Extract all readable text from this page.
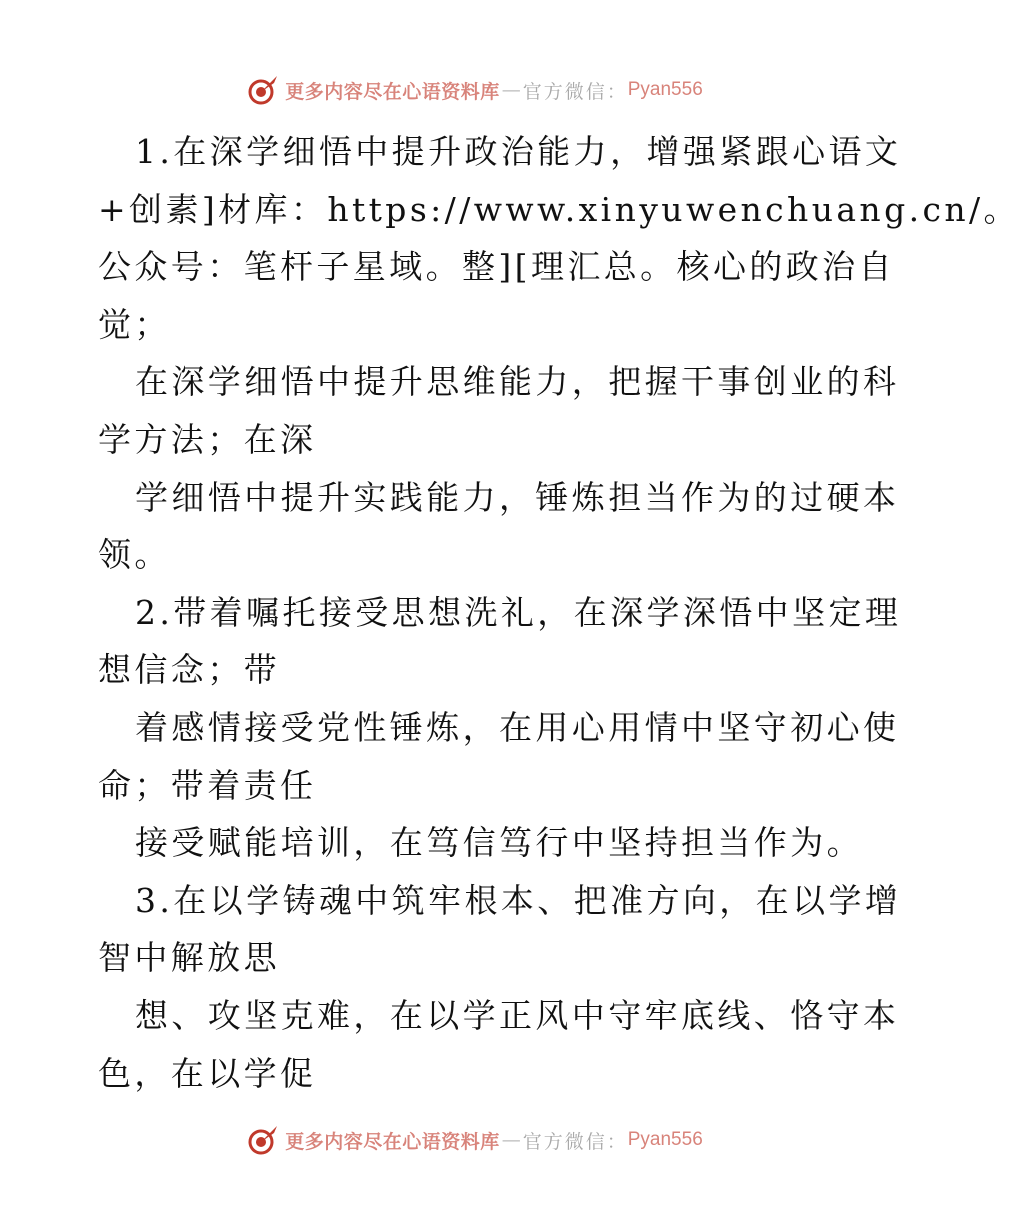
更多内容尽在心语资料库 — 官方微信： Pyan556
1.在深学细悟中提升政治能力，增强紧跟心语文
+创素]材库：https://www.xinyuwenchuang.cn/。
公众号：笔杆子星域。整][理汇总。核心的政治自
觉；
在深学细悟中提升思维能力，把握干事创业的科
学方法；在深
学细悟中提升实践能力，锤炼担当作为的过硬本
领。
2.带着嘱托接受思想洗礼，在深学深悟中坚定理
想信念；带
着感情接受党性锤炼，在用心用情中坚守初心使
命；带着责任
接受赋能培训，在笃信笃行中坚持担当作为。
3.在以学铸魂中筑牢根本、把准方向，在以学增
智中解放思
想、攻坚克难，在以学正风中守牢底线、恪守本
色，在以学促
更多内容尽在心语资料库 — 官方微信： Pyan556
